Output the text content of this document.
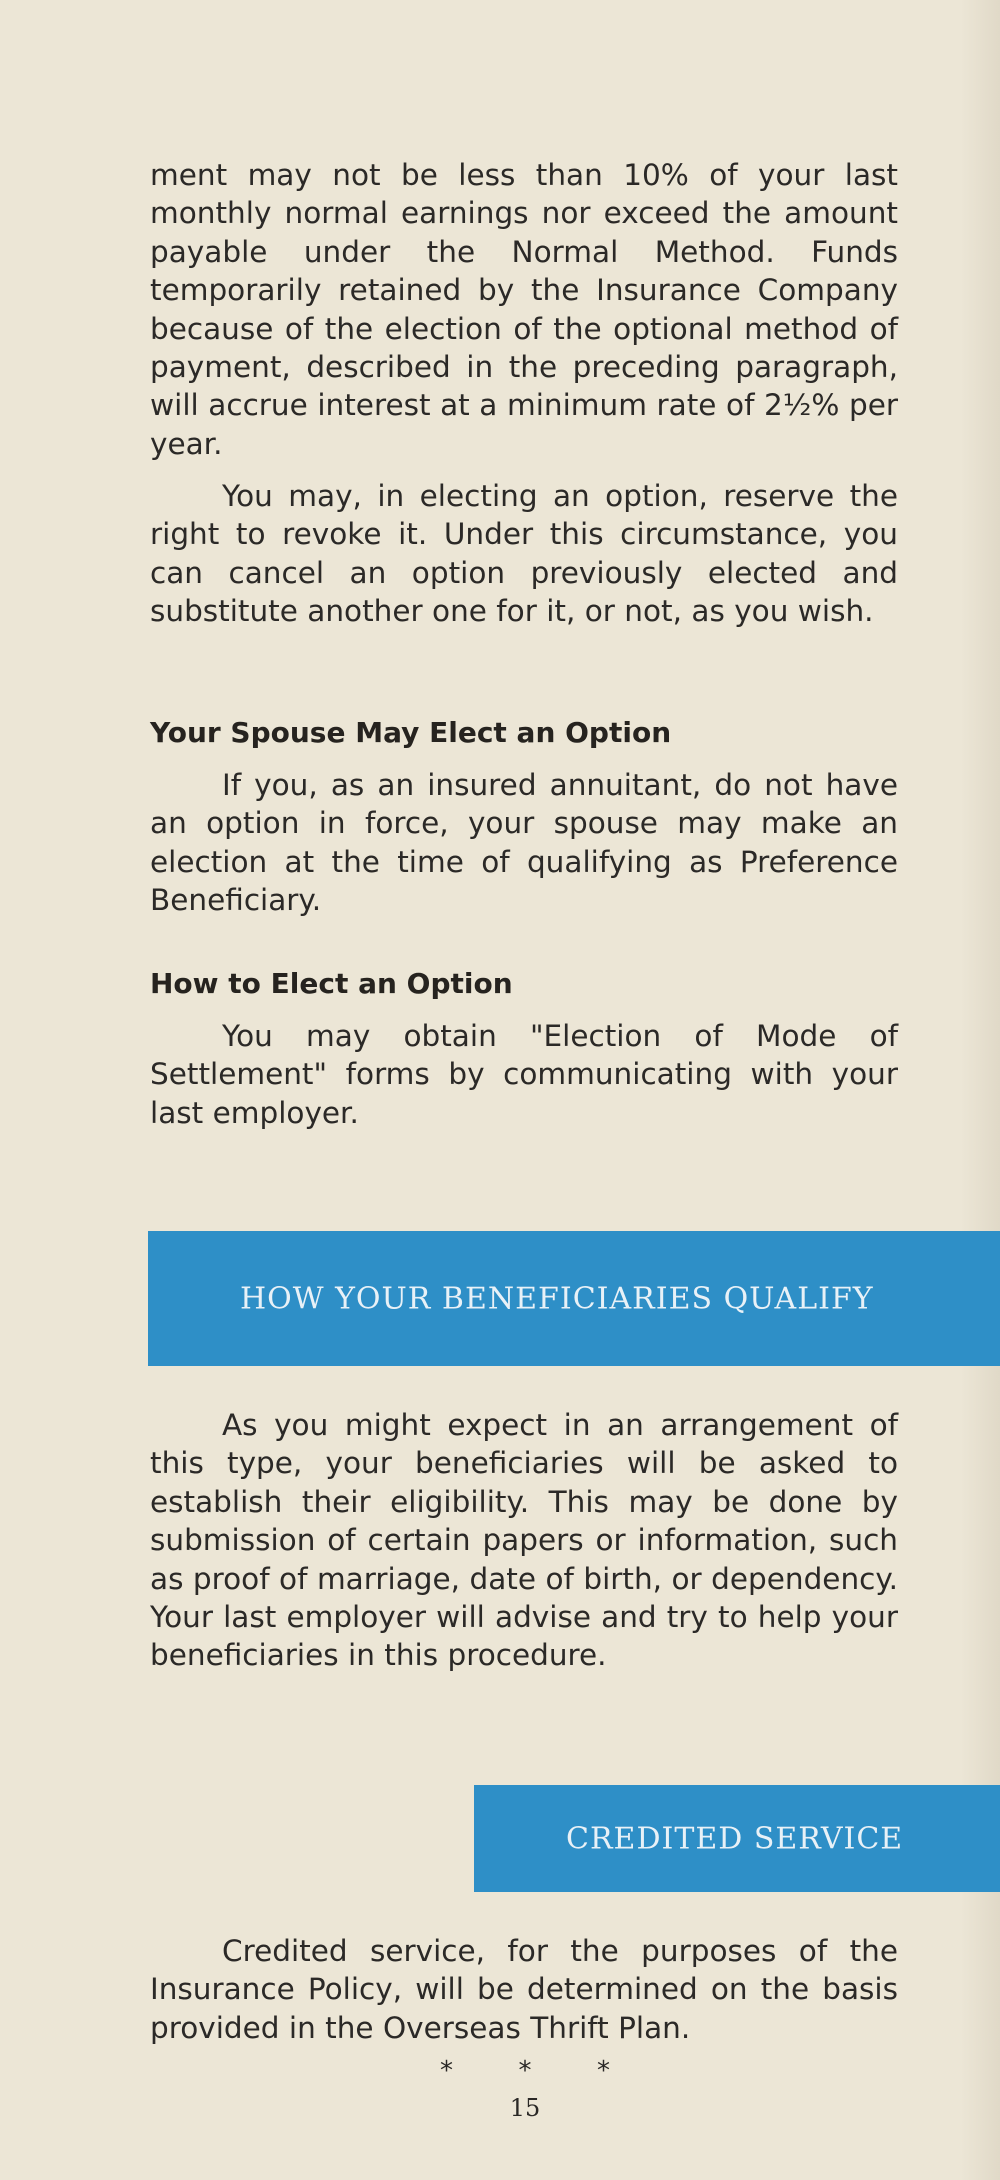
ment may not be less than 10% of your last monthly normal earnings nor exceed the amount payable under the Normal Method. Funds temporarily retained by the Insurance Company because of the election of the optional method of payment, described in the preceding paragraph, will accrue interest at a minimum rate of 2½% per year.

You may, in electing an option, reserve the right to revoke it. Under this circumstance, you can cancel an option previously elected and substitute another one for it, or not, as you wish.

Your Spouse May Elect an Option

If you, as an insured annuitant, do not have an option in force, your spouse may make an election at the time of qualifying as Preference Beneficiary.

How to Elect an Option

You may obtain "Election of Mode of Settlement" forms by communicating with your last employer.

HOW YOUR BENEFICIARIES QUALIFY

As you might expect in an arrangement of this type, your beneficiaries will be asked to establish their eligibility. This may be done by submission of certain papers or information, such as proof of marriage, date of birth, or dependency. Your last employer will advise and try to help your beneficiaries in this procedure.

CREDITED SERVICE

Credited service, for the purposes of the Insurance Policy, will be determined on the basis provided in the Overseas Thrift Plan.

*	*	*
15
